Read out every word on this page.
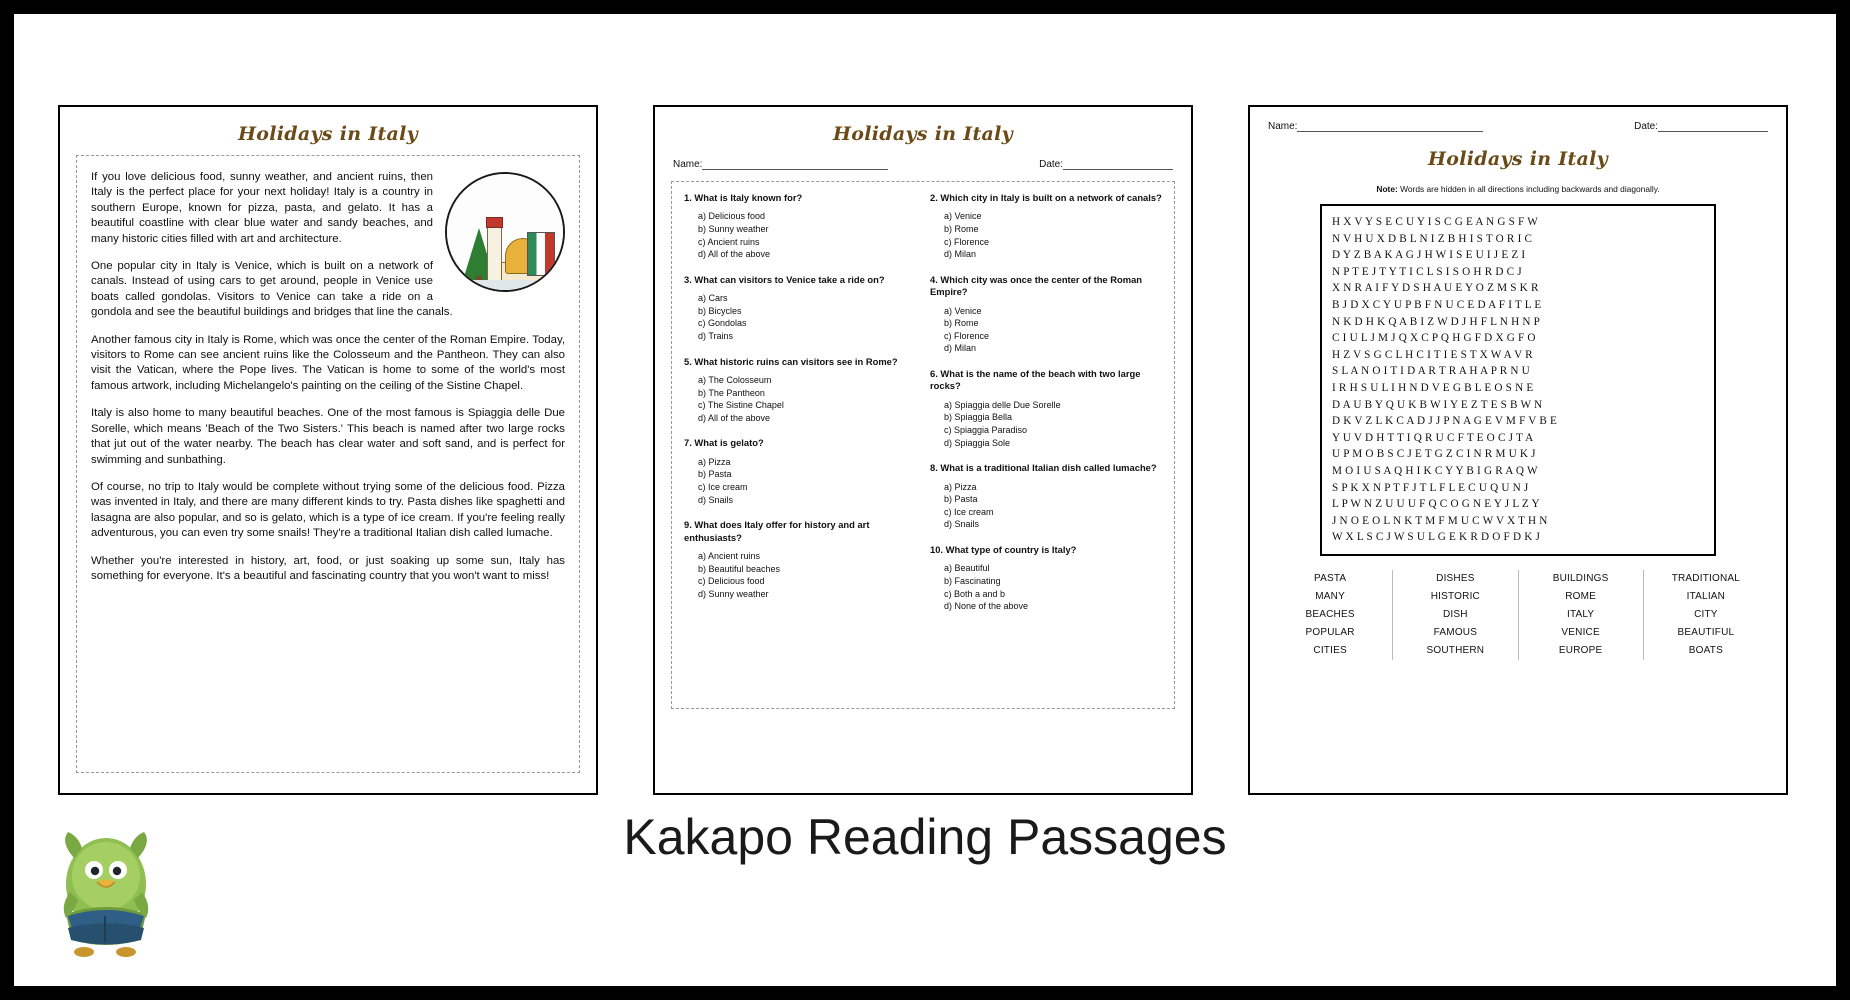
Holidays in Italy

If you love delicious food, sunny weather, and ancient ruins, then Italy is the perfect place for your next holiday! Italy is a country in southern Europe, known for pizza, pasta, and gelato. It has a beautiful coastline with clear blue water and sandy beaches, and many historic cities filled with art and architecture.

One popular city in Italy is Venice, which is built on a network of canals. Instead of using cars to get around, people in Venice use boats called gondolas. Visitors to Venice can take a ride on a gondola and see the beautiful buildings and bridges that line the canals.

Another famous city in Italy is Rome, which was once the center of the Roman Empire. Today, visitors to Rome can see ancient ruins like the Colosseum and the Pantheon. They can also visit the Vatican, where the Pope lives. The Vatican is home to some of the world's most famous artwork, including Michelangelo's painting on the ceiling of the Sistine Chapel.

Italy is also home to many beautiful beaches. One of the most famous is Spiaggia delle Due Sorelle, which means 'Beach of the Two Sisters.' This beach is named after two large rocks that jut out of the water nearby. The beach has clear water and soft sand, and is perfect for swimming and sunbathing.

Of course, no trip to Italy would be complete without trying some of the delicious food. Pizza was invented in Italy, and there are many different kinds to try. Pasta dishes like spaghetti and lasagna are also popular, and so is gelato, which is a type of ice cream. If you're feeling really adventurous, you can even try some snails! They're a traditional Italian dish called lumache.

Whether you're interested in history, art, food, or just soaking up some sun, Italy has something for everyone. It's a beautiful and fascinating country that you won't want to miss!

Holidays in Italy
Name:	Date:
1. What is Italy known for?
a) Delicious food
b) Sunny weather
c) Ancient ruins
d) All of the above
3. What can visitors to Venice take a ride on?
a) Cars
b) Bicycles
c) Gondolas
d) Trains
5. What historic ruins can visitors see in Rome?
a) The Colosseum
b) The Pantheon
c) The Sistine Chapel
d) All of the above
7. What is gelato?
a) Pizza
b) Pasta
c) Ice cream
d) Snails
9. What does Italy offer for history and art enthusiasts?
a) Ancient ruins
b) Beautiful beaches
c) Delicious food
d) Sunny weather
2. Which city in Italy is built on a network of canals?
a) Venice
b) Rome
c) Florence
d) Milan
4. Which city was once the center of the Roman Empire?
a) Venice
b) Rome
c) Florence
d) Milan
6. What is the name of the beach with two large rocks?
a) Spiaggia delle Due Sorelle
b) Spiaggia Bella
c) Spiaggia Paradiso
d) Spiaggia Sole
8. What is a traditional Italian dish called lumache?
a) Pizza
b) Pasta
c) Ice cream
d) Snails
10. What type of country is Italy?
a) Beautiful
b) Fascinating
c) Both a and b
d) None of the above
Name:	Date:
Holidays in Italy
Note: Words are hidden in all directions including backwards and diagonally.
H X V Y S E C U Y I S C G E A N G S F W
N V H U X D B L N I Z B H I S T O R I C
D Y Z B A K A G J H W I S E U I J E Z I
N P T E J T Y T I C L S I S O H R D C J
X N R A I F Y D S H A U E Y O Z M S K R
B J D X C Y U P B F N U C E D A F I T L E
N K D H K Q A B I Z W D J H F L N H N P
C I U L J M J Q X C P Q H G F D X G F O
H Z V S G C L H C I T I E S T X W A V R
S L A N O I T I D A R T R A H A P R N U
I R H S U L I H N D V E G B L E O S N E
D A U B Y Q U K B W I Y E Z T E S B W N
D K V Z L K C A D J J P N A G E V M F V B E
Y U V D H T T I Q R U C F T E O C J T A
U P M O B S C J E T G Z C I N R M U K J
M O I U S A Q H I K C Y Y B I G R A Q W
S P K X N P T F J T L F L E C U Q U N J
L P W N Z U U U F Q C O G N E Y J L Z Y
J N O E O L N K T M F M U C W V X T H N
W X L S C J W S U L G E K R D O F D K J
PASTA
MANY
BEACHES
POPULAR
CITIES
DISHES
HISTORIC
DISH
FAMOUS
SOUTHERN
BUILDINGS
ROME
ITALY
VENICE
EUROPE
TRADITIONAL
ITALIAN
CITY
BEAUTIFUL
BOATS
Kakapo Reading Passages
